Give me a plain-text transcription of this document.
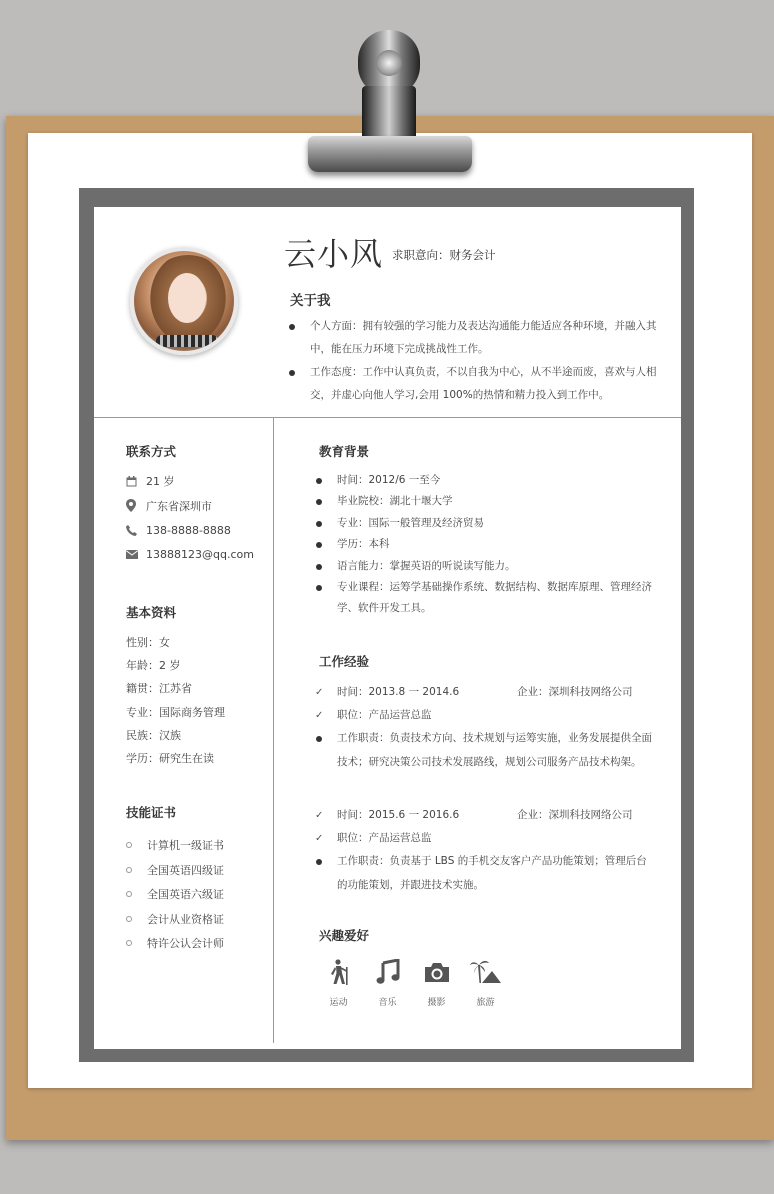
云小风 求职意向：财务会计
关于我
个人方面：拥有较强的学习能力及表达沟通能力能适应各种环境，并融入其中，能在压力环境下完成挑战性工作。
工作态度：工作中认真负责，不以自我为中心，从不半途而废，喜欢与人相交，并虚心向他人学习,会用 100%的热情和精力投入到工作中。
联系方式
21 岁
广东省深圳市
138-8888-8888
13888123@qq.com
基本资料
性别：女
年龄：2 岁
籍贯：江苏省
专业：国际商务管理
民族：汉族
学历：研究生在读
技能证书
计算机一级证书
全国英语四级证
全国英语六级证
会计从业资格证
特许公认会计师
教育背景
时间：2012/6 一至今
毕业院校：湖北十堰大学
专业：国际一般管理及经济贸易
学历：本科
语言能力：掌握英语的听说读写能力。
专业课程：运筹学基础操作系统、数据结构、数据库原理、管理经济学、软件开发工具。
工作经验
✓ 时间：2013.8 一 2014.6	企业：深圳科技网络公司
✓ 职位：产品运营总监
工作职责：负责技术方向、技术规划与运筹实施，业务发展提供全面技术；研究决策公司技术发展路线，规划公司服务产品技术构架。
✓ 时间：2015.6 一 2016.6	企业：深圳科技网络公司
✓ 职位：产品运营总监
工作职责：负责基于 LBS 的手机交友客户产品功能策划；管理后台的功能策划，并跟进技术实施。
兴趣爱好
运动	音乐	摄影	旅游
